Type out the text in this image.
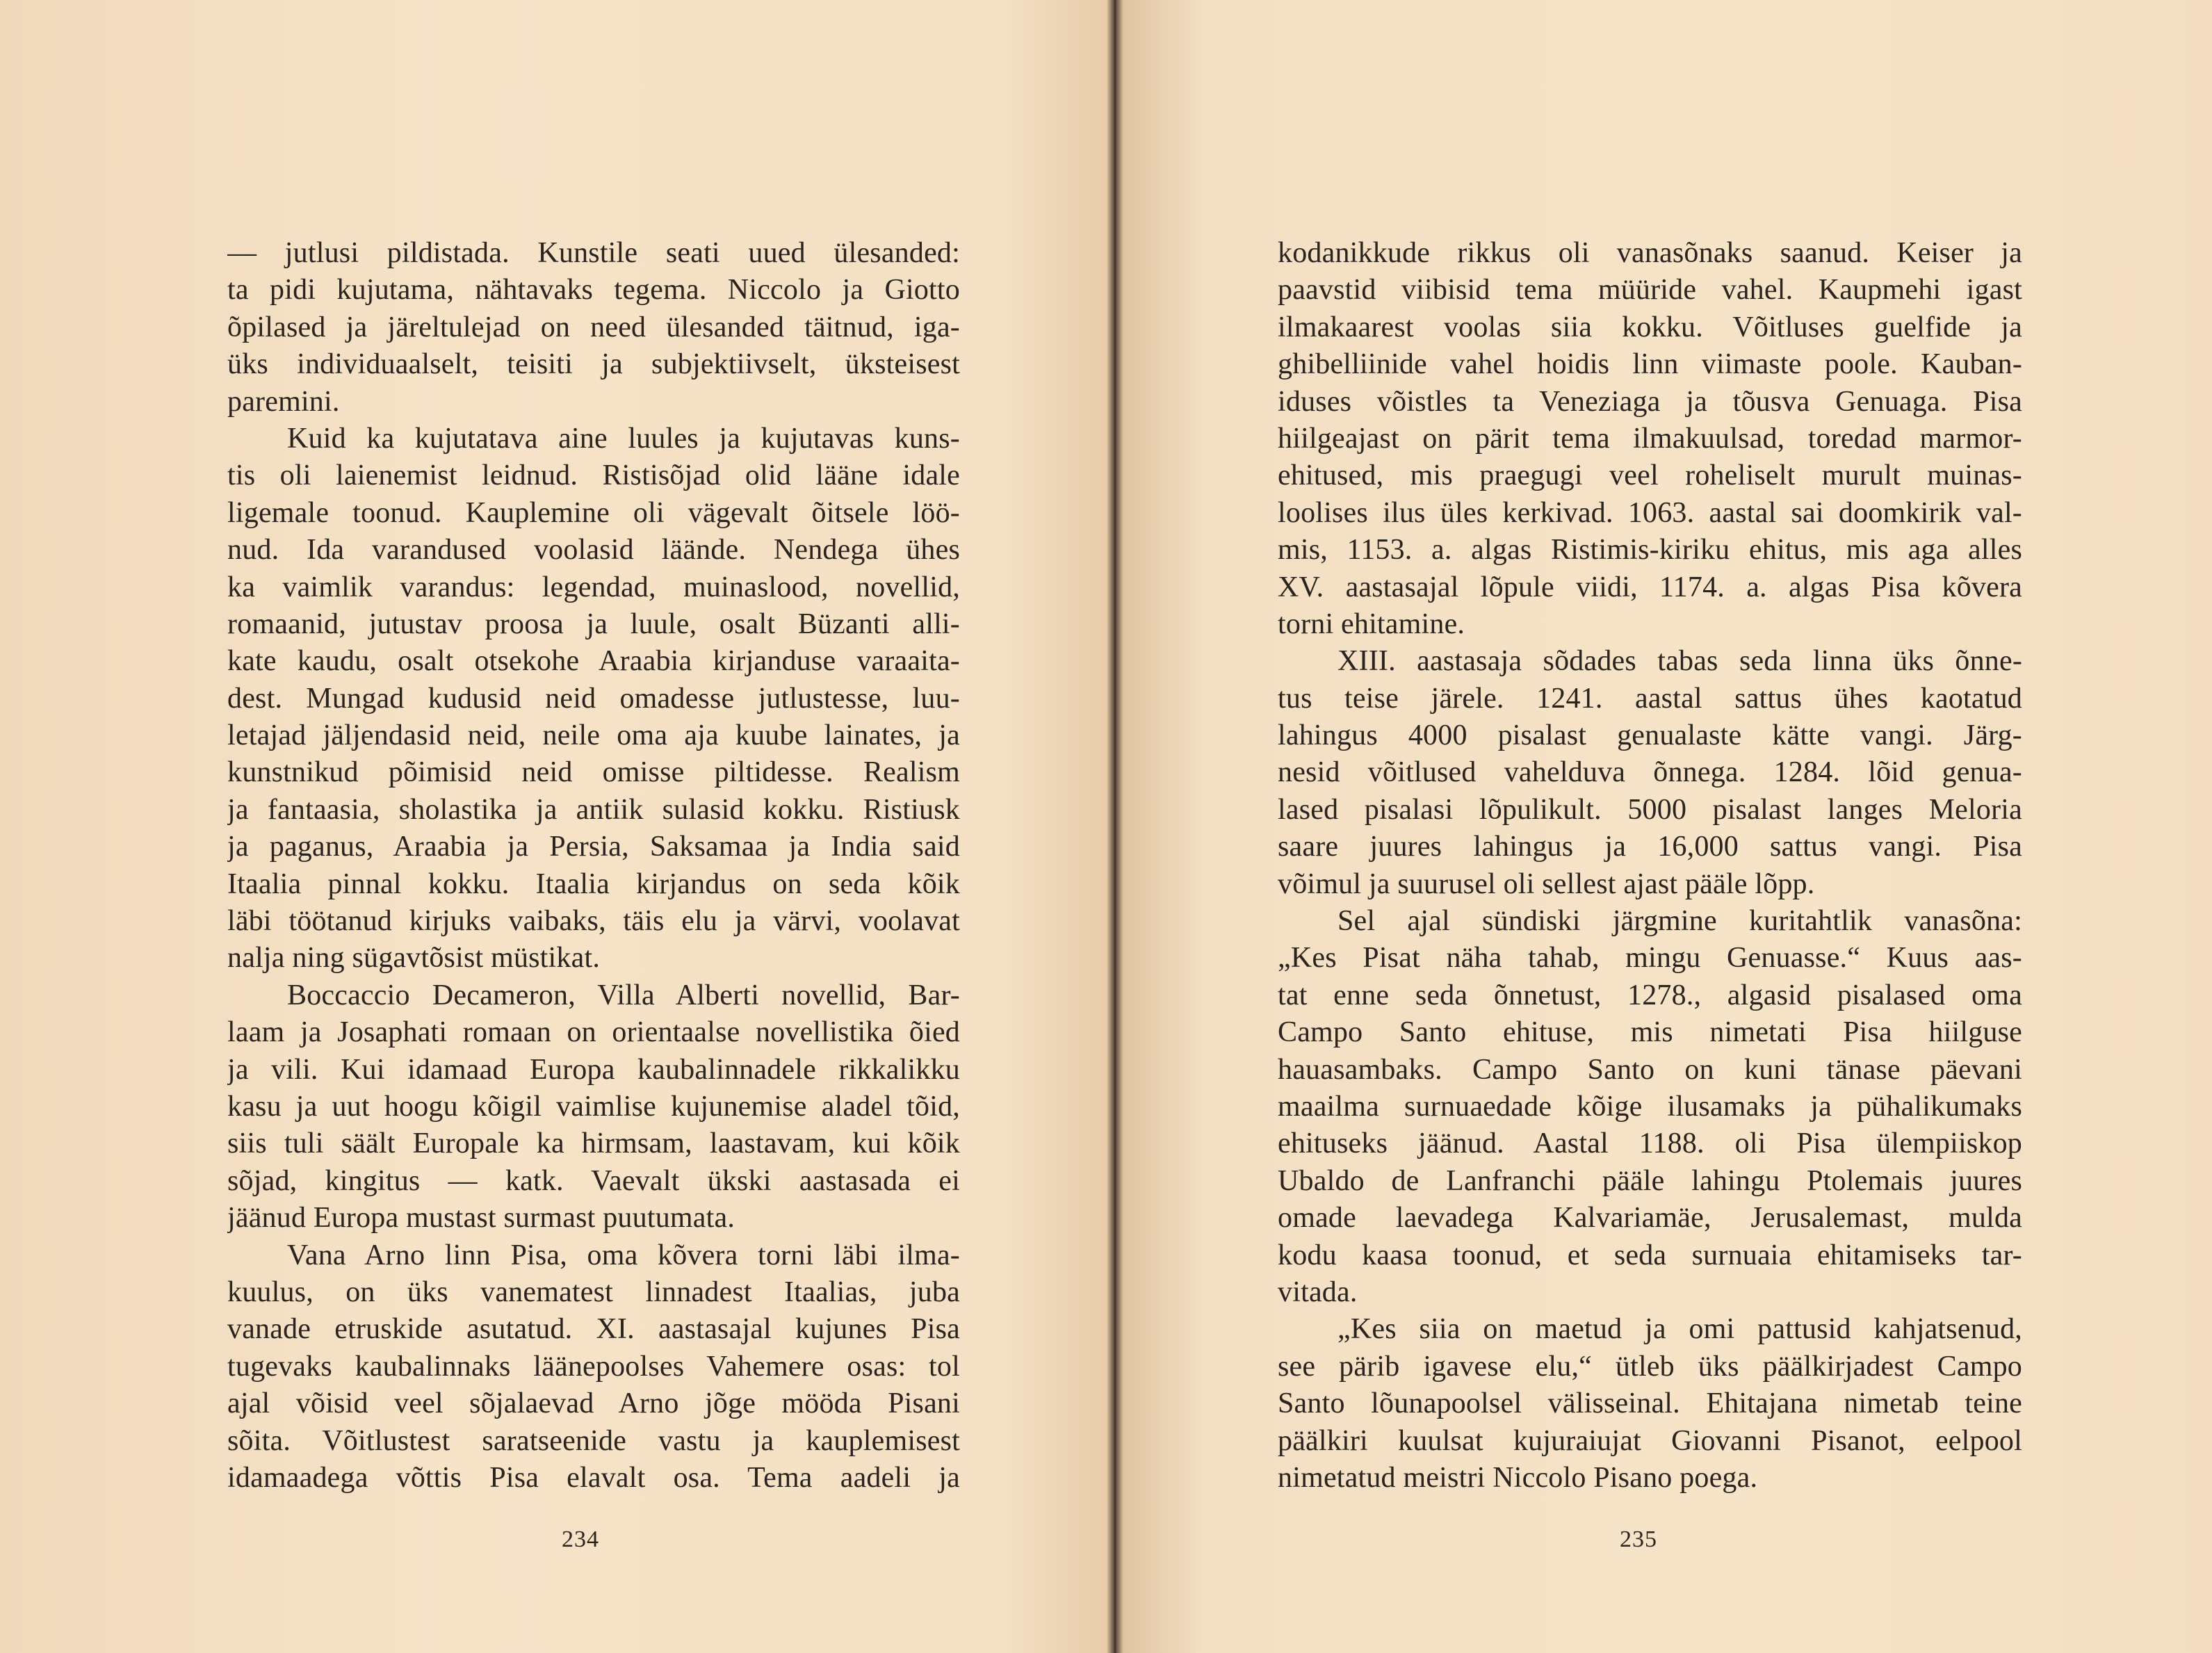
— jutlusi pildistada. Kunstile seati uued ülesanded:
ta pidi kujutama, nähtavaks tegema. Niccolo ja Giotto
õpilased ja järeltulejad on need ülesanded täitnud, iga-
üks individuaalselt, teisiti ja subjektiivselt, üksteisest
paremini.
Kuid ka kujutatava aine luules ja kujutavas kuns-
tis oli laienemist leidnud. Ristisõjad olid lääne idale
ligemale toonud. Kauplemine oli vägevalt õitsele löö-
nud. Ida varandused voolasid läände. Nendega ühes
ka vaimlik varandus: legendad, muinaslood, novellid,
romaanid, jutustav proosa ja luule, osalt Büzanti alli-
kate kaudu, osalt otsekohe Araabia kirjanduse varaaita-
dest. Mungad kudusid neid omadesse jutlustesse, luu-
letajad jäljendasid neid, neile oma aja kuube lainates, ja
kunstnikud põimisid neid omisse piltidesse. Realism
ja fantaasia, sholastika ja antiik sulasid kokku. Ristiusk
ja paganus, Araabia ja Persia, Saksamaa ja India said
Itaalia pinnal kokku. Itaalia kirjandus on seda kõik
läbi töötanud kirjuks vaibaks, täis elu ja värvi, voolavat
nalja ning sügavtõsist müstikat.
Boccaccio Decameron, Villa Alberti novellid, Bar-
laam ja Josaphati romaan on orientaalse novellistika õied
ja vili. Kui idamaad Europa kaubalinnadele rikkalikku
kasu ja uut hoogu kõigil vaimlise kujunemise aladel tõid,
siis tuli säält Europale ka hirmsam, laastavam, kui kõik
sõjad, kingitus — katk. Vaevalt ükski aastasada ei
jäänud Europa mustast surmast puutumata.
Vana Arno linn Pisa, oma kõvera torni läbi ilma-
kuulus, on üks vanematest linnadest Itaalias, juba
vanade etruskide asutatud. XI. aastasajal kujunes Pisa
tugevaks kaubalinnaks läänepoolses Vahemere osas: tol
ajal võisid veel sõjalaevad Arno jõge mööda Pisani
sõita. Võitlustest saratseenide vastu ja kauplemisest
idamaadega võttis Pisa elavalt osa. Tema aadeli ja
234
kodanikkude rikkus oli vanasõnaks saanud. Keiser ja
paavstid viibisid tema müüride vahel. Kaupmehi igast
ilmakaarest voolas siia kokku. Võitluses guelfide ja
ghibelliinide vahel hoidis linn viimaste poole. Kauban-
iduses võistles ta Veneziaga ja tõusva Genuaga. Pisa
hiilgeajast on pärit tema ilmakuulsad, toredad marmor-
ehitused, mis praegugi veel roheliselt murult muinas-
loolises ilus üles kerkivad. 1063. aastal sai doomkirik val-
mis, 1153. a. algas Ristimis-kiriku ehitus, mis aga alles
XV. aastasajal lõpule viidi, 1174. a. algas Pisa kõvera
torni ehitamine.
XIII. aastasaja sõdades tabas seda linna üks õnne-
tus teise järele. 1241. aastal sattus ühes kaotatud
lahingus 4000 pisalast genualaste kätte vangi. Järg-
nesid võitlused vahelduva õnnega. 1284. lõid genua-
lased pisalasi lõpulikult. 5000 pisalast langes Meloria
saare juures lahingus ja 16,000 sattus vangi. Pisa
võimul ja suurusel oli sellest ajast pääle lõpp.
Sel ajal sündiski järgmine kuritahtlik vanasõna:
„Kes Pisat näha tahab, mingu Genuasse.“ Kuus aas-
tat enne seda õnnetust, 1278., algasid pisalased oma
Campo Santo ehituse, mis nimetati Pisa hiilguse
hauasambaks. Campo Santo on kuni tänase päevani
maailma surnuaedade kõige ilusamaks ja pühalikumaks
ehituseks jäänud. Aastal 1188. oli Pisa ülempiiskop
Ubaldo de Lanfranchi pääle lahingu Ptolemais juures
omade laevadega Kalvariamäe, Jerusalemast, mulda
kodu kaasa toonud, et seda surnuaia ehitamiseks tar-
vitada.
„Kes siia on maetud ja omi pattusid kahjatsenud,
see pärib igavese elu,“ ütleb üks päälkirjadest Campo
Santo lõunapoolsel välisseinal. Ehitajana nimetab teine
päälkiri kuulsat kujuraiujat Giovanni Pisanot, eelpool
nimetatud meistri Niccolo Pisano poega.
235
